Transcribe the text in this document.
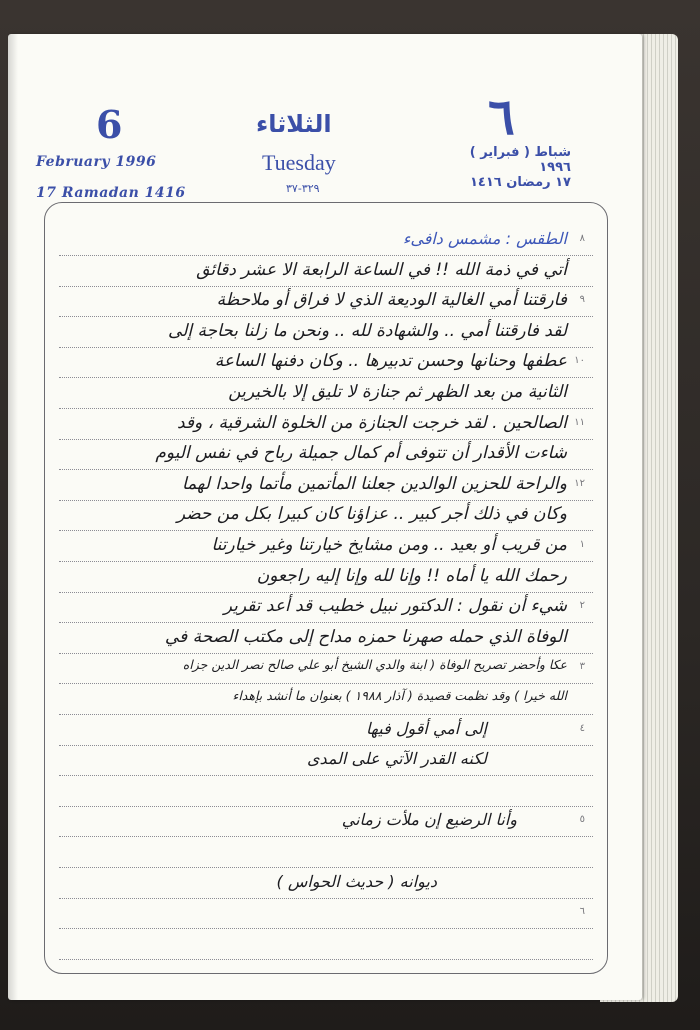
6
February 1996
17 Ramadan 1416
الثلاثاء
Tuesday
٣٢٩-٣٧
٦
شباط ( فبراير ) ١٩٩٦
١٧ رمضان ١٤١٦
٨
٩
١٠
١١
١٢
١
٢
٣
٤
٥
٦
الطقس : مشمس دافىء
أتي في ذمة الله !! في الساعة الرابعة الا عشر دقائق
فارقتنا أمي الغالية الوديعة الذي لا فراق أو ملاحظة
لقد فارقتنا أمي .. والشهادة لله .. ونحن ما زلنا بحاجة إلى
عطفها وحنانها وحسن تدبيرها .. وكان دفنها الساعة
الثانية من بعد الظهر ثم جنازة لا تليق إلا بالخيرين
الصالحين . لقد خرجت الجنازة من الخلوة الشرقية ، وقد
شاءت الأقدار أن تتوفى أم كمال جميلة رباح في نفس اليوم
والراحة للحزين الوالدين جعلنا المأتمين مأتما واحدا لهما
وكان في ذلك أجر كبير .. عزاؤنا كان كبيرا بكل من حضر
من قريب أو بعيد .. ومن مشايخ خيارتنا وغير خيارتنا
رحمك الله يا أماه !! وإنا لله وإنا إليه راجعون
شيء أن نقول : الدكتور نبيل خطيب قد أعد تقرير
الوفاة الذي حمله صهرنا حمزه مداح إلى مكتب الصحة في
عكا وأحضر تصريح الوفاة ( ابنة والدي الشيخ أبو علي صالح نصر الدين جزاه
الله خيرا ) وقد نظمت قصيدة ( آذار ١٩٨٨ ) بعنوان ما أنشد بإهداء
إلى أمي أقول فيها
لكنه القدر الآتي على المدى
وأنا الرضيع إن ملأت زماني
ديوانه ( حديث الحواس )
